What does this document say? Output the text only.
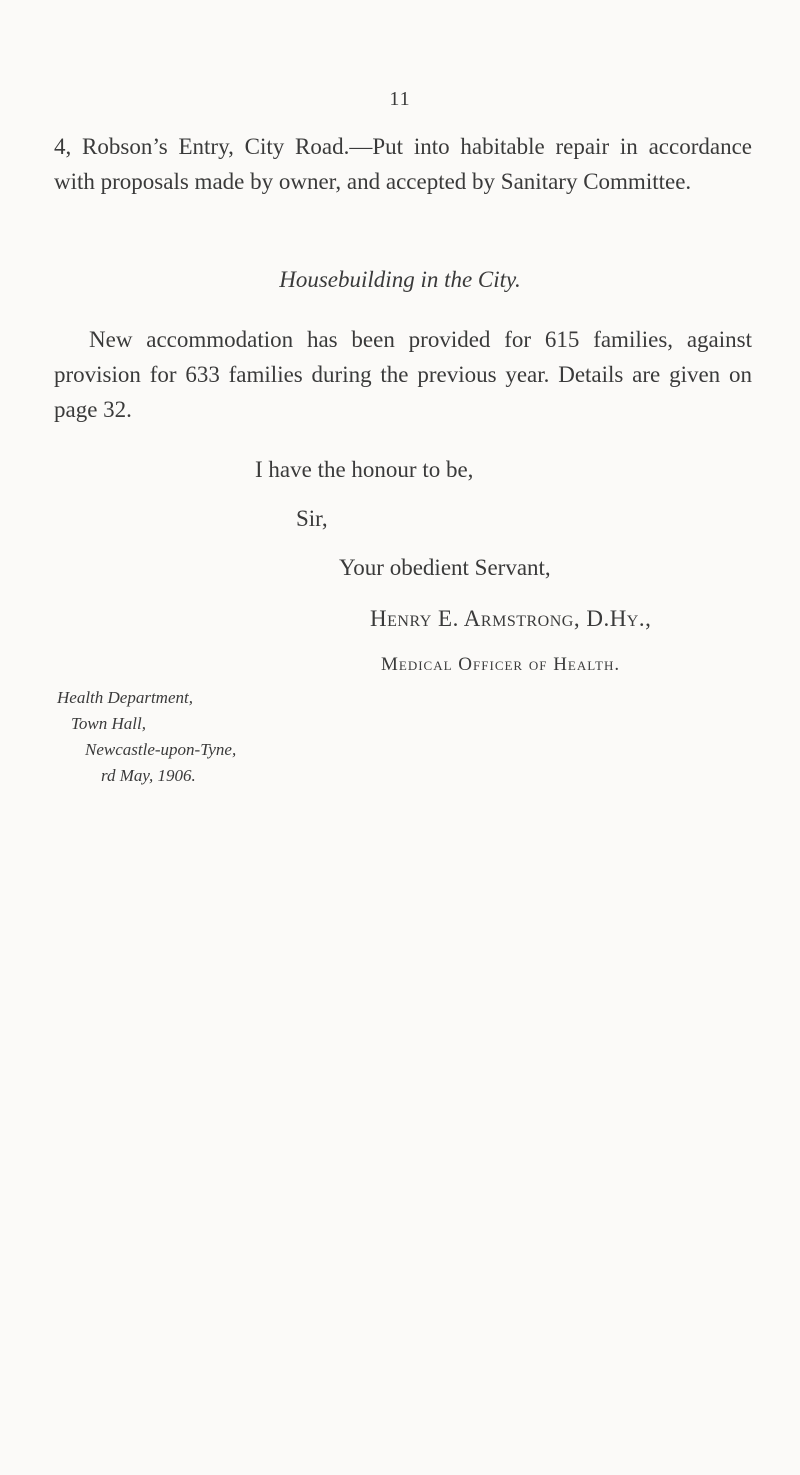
11

4, Robson’s Entry, City Road.—Put into habitable repair in accordance with proposals made by owner, and accepted by Sanitary Committee.

Housebuilding in the City.

New accommodation has been provided for 615 families, against provision for 633 families during the previous year. Details are given on page 32.

I have the honour to be,
Sir,
Your obedient Servant,
Henry E. Armstrong, D.Hy.,
Medical Officer of Health.
Health Department,
Town Hall,
Newcastle-upon-Tyne,
rd May, 1906.
